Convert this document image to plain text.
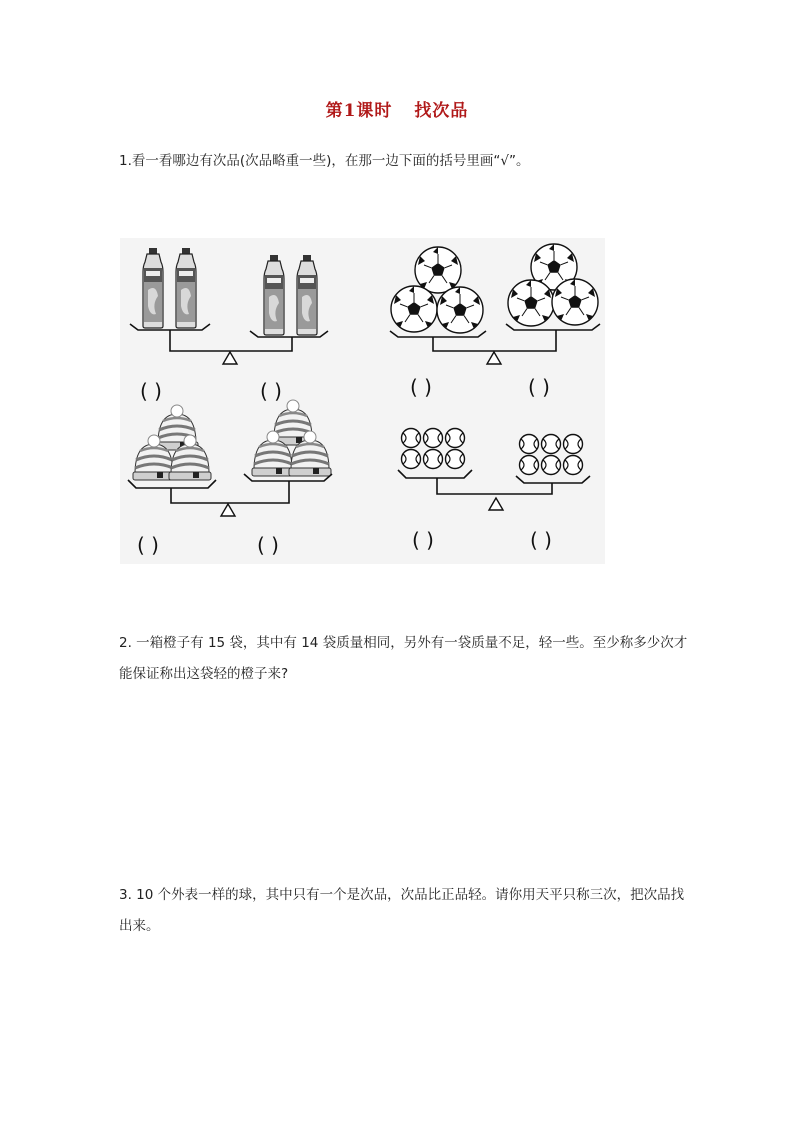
第1课时 找次品
1.看一看哪边有次品(次品略重一些)，在那一边下面的括号里画“√”。
( )	( )	( )	( )
( )	( )	( )	( )
2. 一箱橙子有 15 袋，其中有 14 袋质量相同，另外有一袋质量不足，轻一些。至少称多少次才能保证称出这袋轻的橙子来?
3. 10 个外表一样的球，其中只有一个是次品，次品比正品轻。请你用天平只称三次，把次品找出来。
